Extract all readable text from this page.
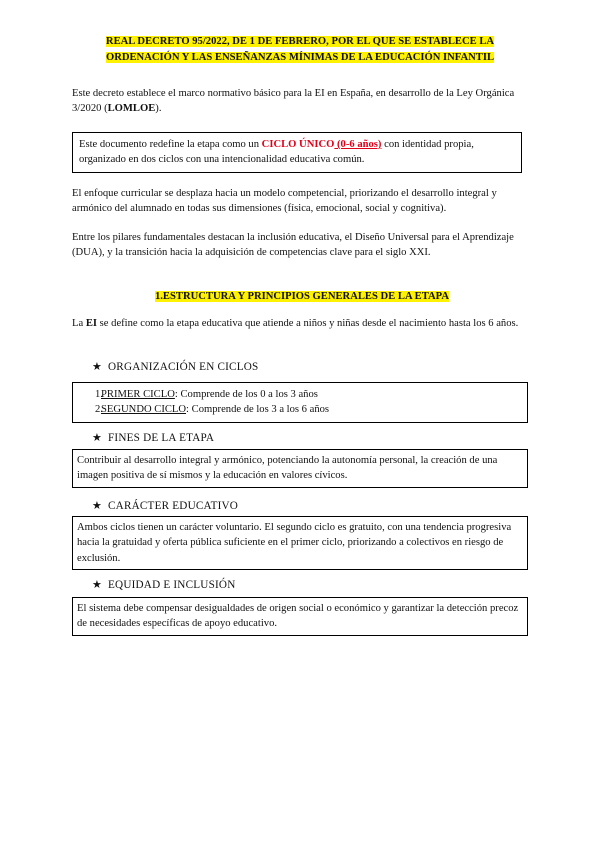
REAL DECRETO 95/2022, DE 1 DE FEBRERO, POR EL QUE SE ESTABLECE LA
ORDENACIÓN Y LAS ENSEÑANZAS MÍNIMAS DE LA EDUCACIÓN INFANTIL
Este decreto establece el marco normativo básico para la EI en España, en desarrollo de la Ley Orgánica 3/2020 (LOMLOE).
Este documento redefine la etapa como un CICLO ÚNICO (0-6 años) con identidad propia, organizado en dos ciclos con una intencionalidad educativa común.
El enfoque curricular se desplaza hacia un modelo competencial, priorizando el desarrollo integral y armónico del alumnado en todas sus dimensiones (física, emocional, social y cognitiva).
Entre los pilares fundamentales destacan la inclusión educativa, el Diseño Universal para el Aprendizaje (DUA), y la transición hacia la adquisición de competencias clave para el siglo XXI.
1.ESTRUCTURA Y PRINCIPIOS GENERALES DE LA ETAPA
La EI se define como la etapa educativa que atiende a niños y niñas desde el nacimiento hasta los 6 años.
★ ORGANIZACIÓN EN CICLOS
1.
PRIMER CICLO: Comprende de los 0 a los 3 años
2.
SEGUNDO CICLO: Comprende de los 3 a los 6 años
★ FINES DE LA ETAPA
Contribuir al desarrollo integral y armónico, potenciando la autonomía personal, la creación de una imagen positiva de sí mismos y la educación en valores cívicos.
★ CARÁCTER EDUCATIVO
Ambos ciclos tienen un carácter voluntario. El segundo ciclo es gratuito, con una tendencia progresiva hacia la gratuidad y oferta pública suficiente en el primer ciclo, priorizando a colectivos en riesgo de exclusión.
★ EQUIDAD E INCLUSIÓN
El sistema debe compensar desigualdades de origen social o económico y garantizar la detección precoz de necesidades específicas de apoyo educativo.
